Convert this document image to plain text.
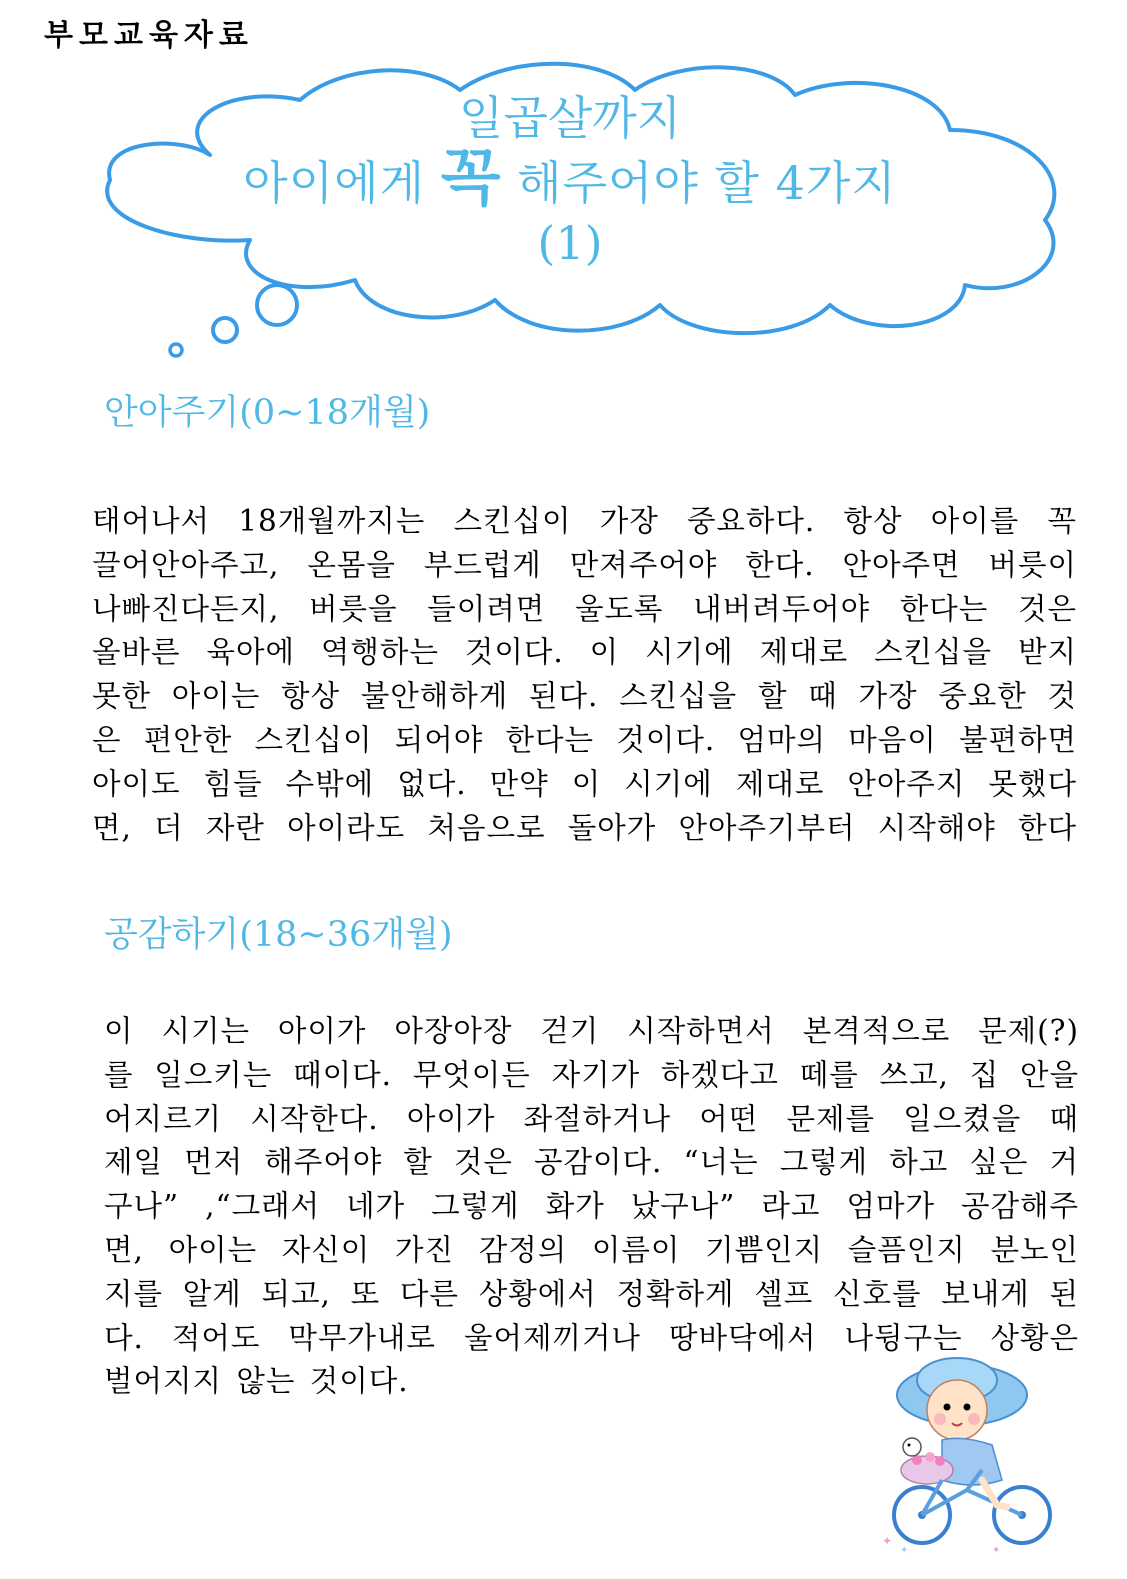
부모교육자료
일곱살까지
아이에게 꼭 해주어야 할 4가지
(1)
안아주기(0~18개월)
태어나서 18개월까지는 스킨십이 가장 중요하다. 항상 아이를 꼭
끌어안아주고, 온몸을 부드럽게 만져주어야 한다. 안아주면 버릇이
나빠진다든지, 버릇을 들이려면 울도록 내버려두어야 한다는 것은
올바른 육아에 역행하는 것이다. 이 시기에 제대로 스킨십을 받지
못한 아이는 항상 불안해하게 된다. 스킨십을 할 때 가장 중요한 것
은 편안한 스킨십이 되어야 한다는 것이다. 엄마의 마음이 불편하면
아이도 힘들 수밖에 없다. 만약 이 시기에 제대로 안아주지 못했다
면, 더 자란 아이라도 처음으로 돌아가 안아주기부터 시작해야 한다
공감하기(18~36개월)
이 시기는 아이가 아장아장 걷기 시작하면서 본격적으로 문제(?)
를 일으키는 때이다. 무엇이든 자기가 하겠다고 떼를 쓰고, 집 안을
어지르기 시작한다. 아이가 좌절하거나 어떤 문제를 일으켰을 때
제일 먼저 해주어야 할 것은 공감이다. “너는 그렇게 하고 싶은 거
구나” ,“그래서 네가 그렇게 화가 났구나” 라고 엄마가 공감해주
면, 아이는 자신이 가진 감정의 이름이 기쁨인지 슬픔인지 분노인
지를 알게 되고, 또 다른 상황에서 정확하게 셀프 신호를 보내게 된
다. 적어도 막무가내로 울어제끼거나 땅바닥에서 나뒹구는 상황은
벌어지지 않는 것이다.
✦
✦	✦
